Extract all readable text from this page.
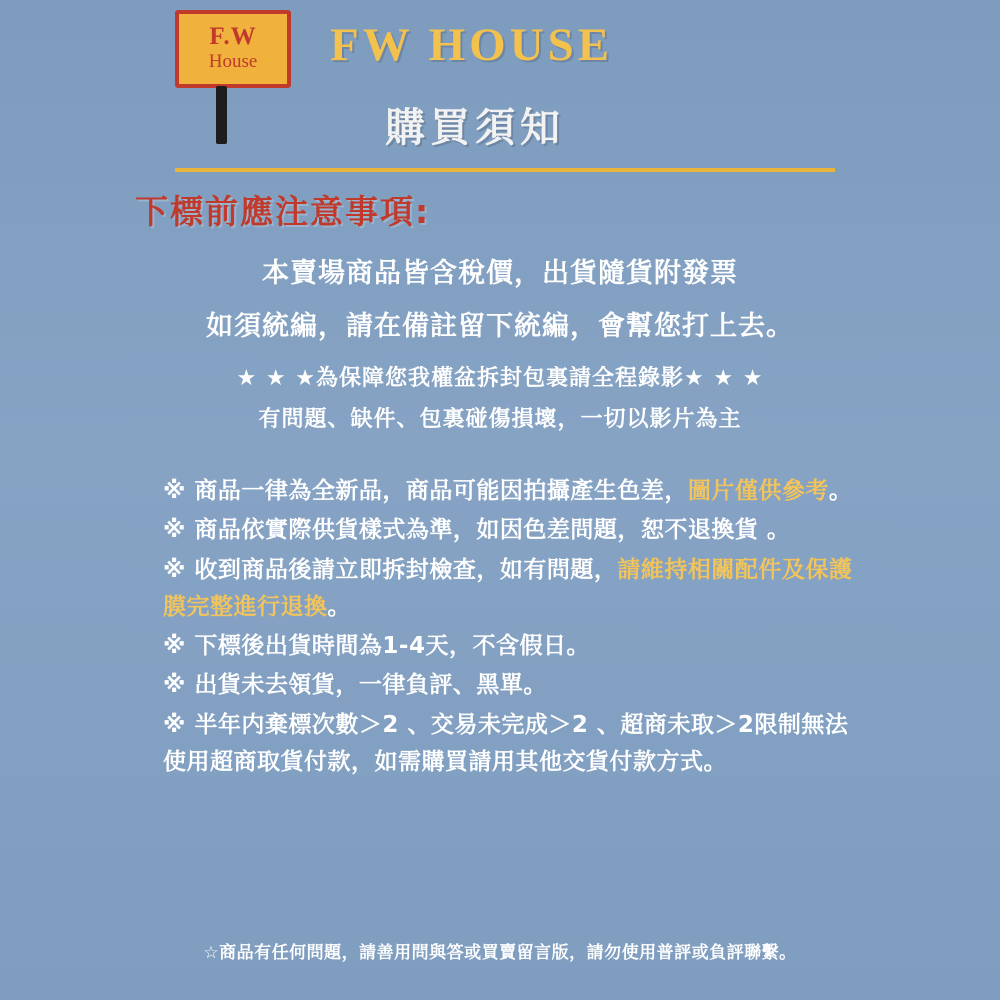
F.W
House FW HOUSE
購買須知
下標前應注意事項:
本賣場商品皆含稅價，出貨隨貨附發票
如須統編，請在備註留下統編，會幫您打上去。
★ ★ ★為保障您我權盆拆封包裏請全程錄影★ ★ ★
有問題、缺件、包裏碰傷損壞，一切以影片為主
※ 商品一律為全新品，商品可能因拍攝產生色差，圖片僅供參考。
※ 商品依實際供貨樣式為準，如因色差問題，恕不退換貨 。
※ 收到商品後請立即拆封檢查，如有問題，請維持相關配件及保護膜完整進行退換。
※ 下標後出貨時間為1-4天，不含假日。
※ 出貨未去領貨，一律負評、黑單。
※ 半年内棄標次數＞2 、交易未完成＞2 、超商未取＞2限制無法使用超商取貨付款，如需購買請用其他交貨付款方式。
☆商品有任何問題，請善用問與答或買賣留言版，請勿使用普評或負評聯繫。
